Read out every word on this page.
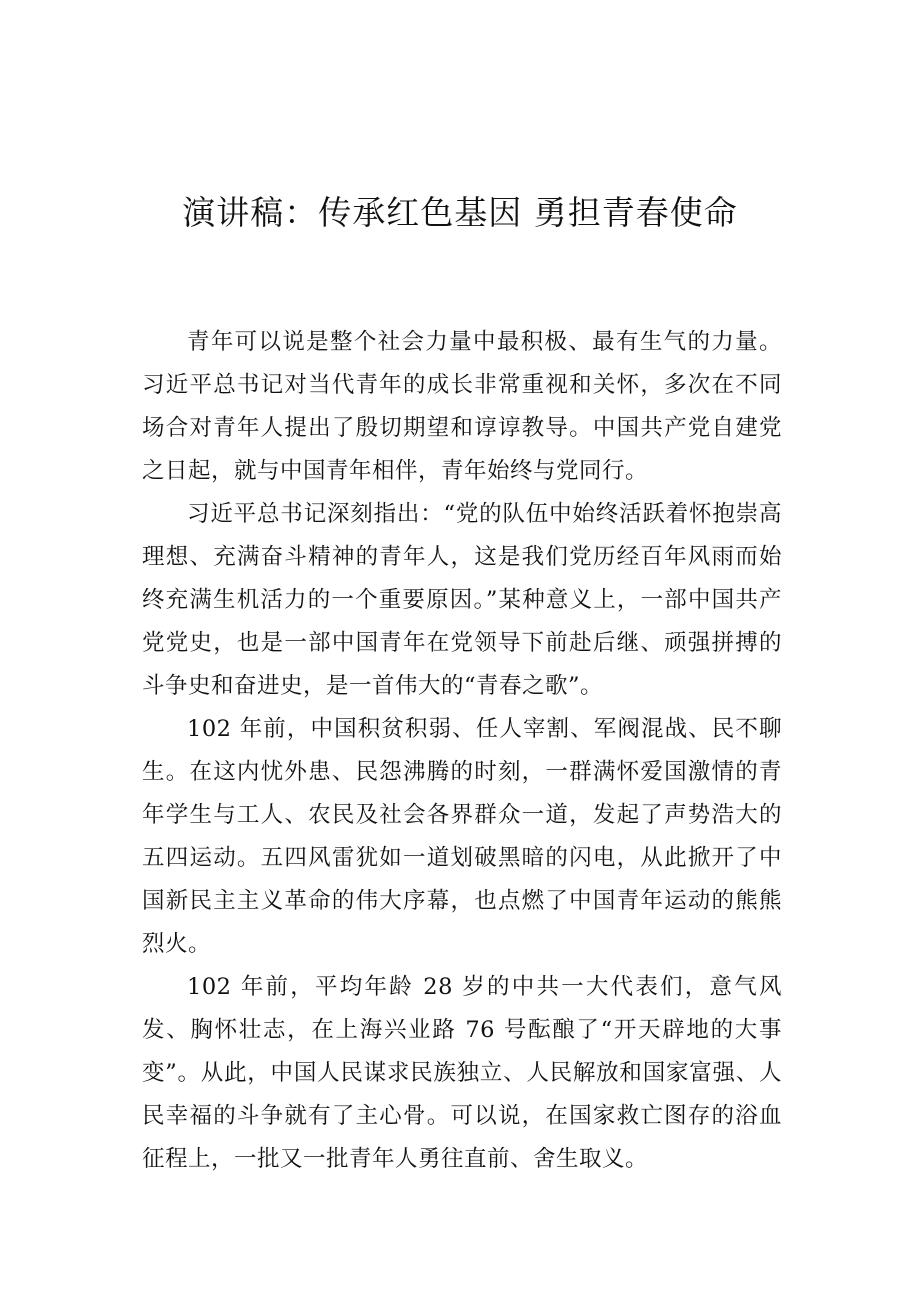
演讲稿：传承红色基因 勇担青春使命

青年可以说是整个社会力量中最积极、最有生气的力量。习近平总书记对当代青年的成长非常重视和关怀，多次在不同场合对青年人提出了殷切期望和谆谆教导。中国共产党自建党之日起，就与中国青年相伴，青年始终与党同行。

习近平总书记深刻指出：“党的队伍中始终活跃着怀抱崇高理想、充满奋斗精神的青年人，这是我们党历经百年风雨而始终充满生机活力的一个重要原因。”某种意义上，一部中国共产党党史，也是一部中国青年在党领导下前赴后继、顽强拼搏的斗争史和奋进史，是一首伟大的“青春之歌”。

102 年前，中国积贫积弱、任人宰割、军阀混战、民不聊生。在这内忧外患、民怨沸腾的时刻，一群满怀爱国激情的青年学生与工人、农民及社会各界群众一道，发起了声势浩大的五四运动。五四风雷犹如一道划破黑暗的闪电，从此掀开了中国新民主主义革命的伟大序幕，也点燃了中国青年运动的熊熊烈火。

102 年前，平均年龄 28 岁的中共一大代表们，意气风发、胸怀壮志，在上海兴业路 76 号酝酿了“开天辟地的大事变”。从此，中国人民谋求民族独立、人民解放和国家富强、人民幸福的斗争就有了主心骨。可以说，在国家救亡图存的浴血征程上，一批又一批青年人勇往直前、舍生取义。
